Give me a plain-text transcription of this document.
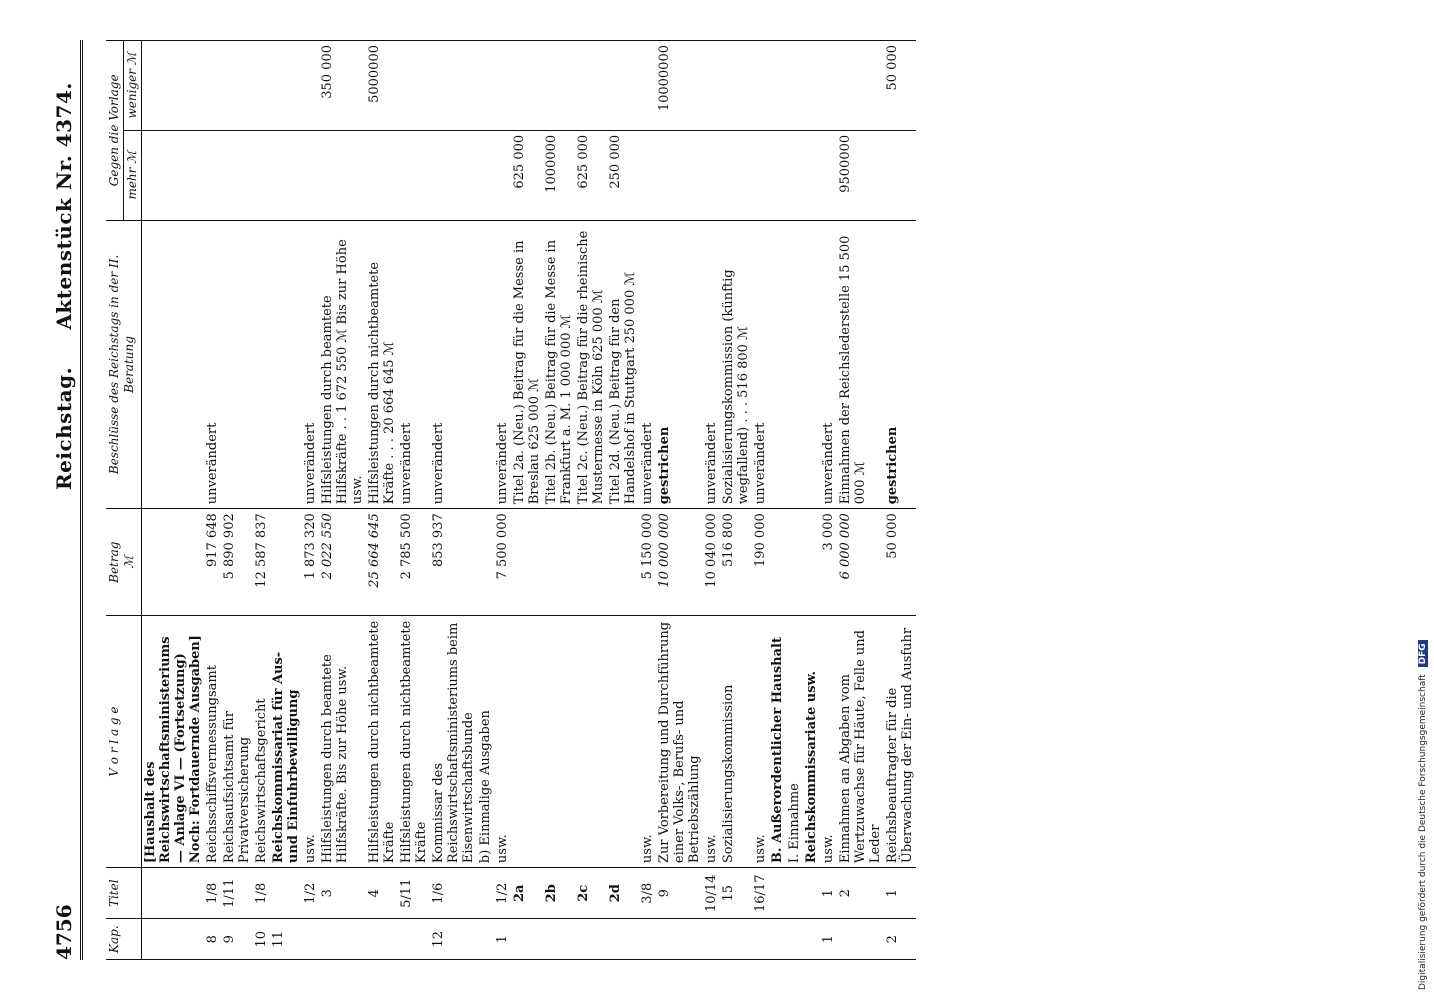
4756
Reichstag.     Aktenstück Nr. 4374.
Kap.	Titel	V o r l a g e	Betrag
ℳ	Beschlüsse des Reichstags in der II. Beratung	Gegen die Vorlage	
					mehr ℳ	weniger ℳ
		[Haushalt des Reichswirtschaftsministeriums — Anlage VI — (Fortsetzung) Noch: Fortdauernde Ausgaben]				
8	1/8	Reichsschiffsvermessungsamt	917 648	unverändert		
9	1/11	Reichsaufsichtsamt für Privatversicherung	5 890 902			
10	1/8	Reichswirtschaftsgericht	12 587 837			
11		Reichskommissariat für Aus- und Einfuhrbewilligung				
	1/2	usw.	1 873 320	unverändert		
	3	Hilfsleistungen durch beamtete Hilfskräfte. Bis zur Höhe usw.	2 022 550	Hilfsleistungen durch beamtete Hilfskräfte . . 1 672 550 ℳ Bis zur Höhe usw.		350 000
	4	Hilfsleistungen durch nichtbeamtete Kräfte	25 664 645	Hilfsleistungen durch nichtbeamtete Kräfte . . . 20 664 645 ℳ		5000000
	5/11	Hilfsleistungen durch nichtbeamtete Kräfte	2 785 500	unverändert		
12	1/6	Kommissar des Reichswirtschaftsministeriums beim Eisenwirtschaftsbunde	853 937	unverändert		
		b) Einmalige Ausgaben				
1	1/2	usw.	7 500 000	unverändert		
	2a			Titel 2a. (Neu.) Beitrag für die Messe in Breslau 625 000 ℳ	625 000	
	2b			Titel 2b. (Neu.) Beitrag für die Messe in Frankfurt a. M. 1 000 000 ℳ	1000000	
	2c			Titel 2c. (Neu.) Beitrag für die rheinische Mustermesse in Köln 625 000 ℳ	625 000	
	2d			Titel 2d. (Neu.) Beitrag für den Handelshof in Stuttgart 250 000 ℳ	250 000	
	3/8	usw.	5 150 000	unverändert		
	9	Zur Vorbereitung und Durchführung einer Volks-, Berufs- und Betriebszählung	10 000 000	gestrichen		10000000
	10/14	usw.	10 040 000	unverändert		
	15	Sozialisierungskommission	516 800	Sozialisierungskommission (künftig wegfallend) . . . 516 800 ℳ		
	16/17	usw.	190 000	unverändert		
		B. Außerordentlicher Haushalt				
		I. Einnahme				
		Reichskommissariate usw.				
1	1	usw.	3 000	unverändert		
	2	Einnahmen an Abgaben vom Wertzuwachse für Häute, Felle und Leder	6 000 000	Einnahmen der Reichslederstelle 15 500 000 ℳ	9500000	
2	1	Reichsbeauftragter für die Überwachung der Ein- und Ausfuhr	50 000	gestrichen		50 000
Digitalisierung gefördert durch die Deutsche Forschungsgemeinschaft DFG
